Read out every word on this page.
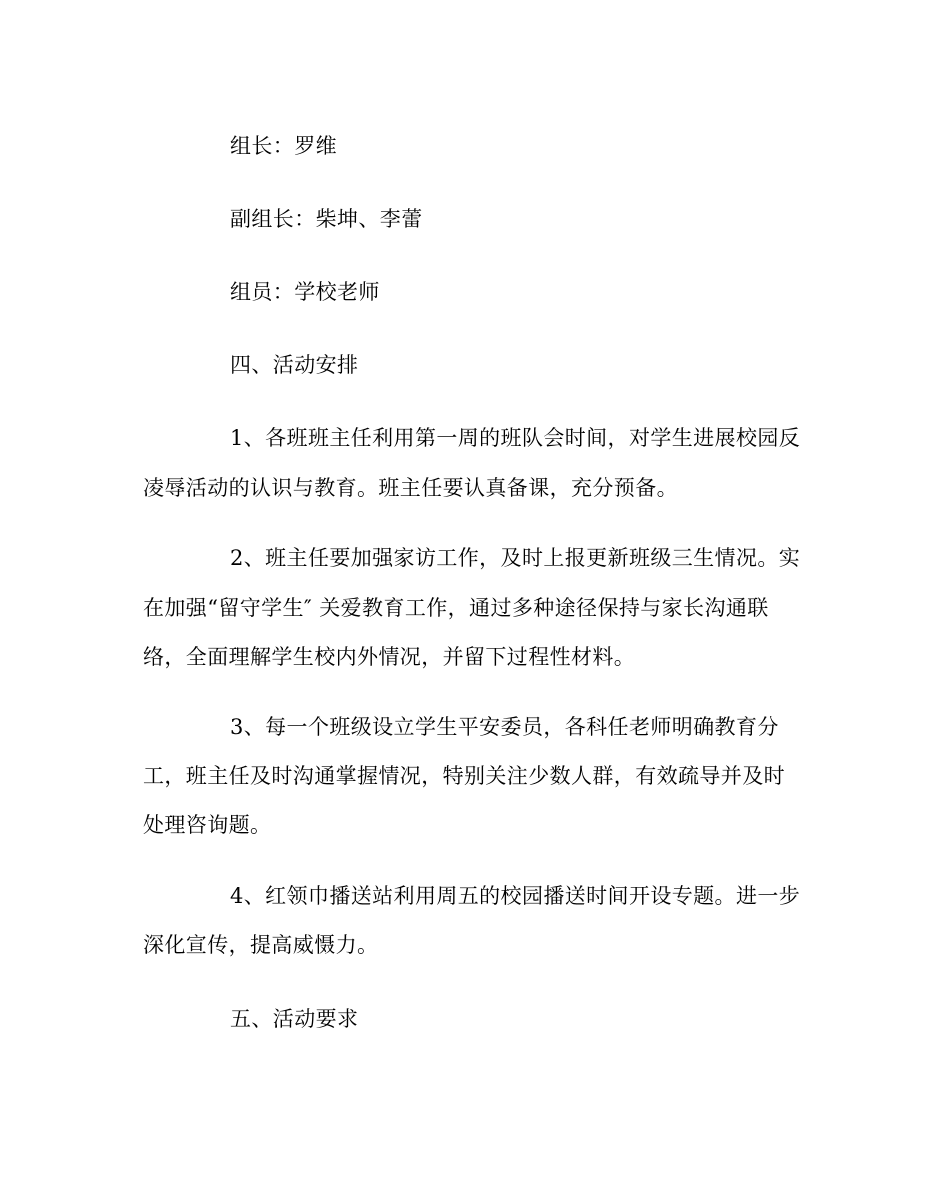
组长：罗维
副组长：柴坤、李蕾
组员：学校老师
四、活动安排
1、各班班主任利用第一周的班队会时间，对学生进展校园反
凌辱活动的认识与教育。班主任要认真备课，充分预备。
2、班主任要加强家访工作，及时上报更新班级三生情况。实
在加强“留守学生″ 关爱教育工作，通过多种途径保持与家长沟通联
络，全面理解学生校内外情况，并留下过程性材料。
3、每一个班级设立学生平安委员，各科任老师明确教育分
工，班主任及时沟通掌握情况，特别关注少数人群，有效疏导并及时
处理咨询题。
4、红领巾播送站利用周五的校园播送时间开设专题。进一步
深化宣传，提高威慑力。
五、活动要求
